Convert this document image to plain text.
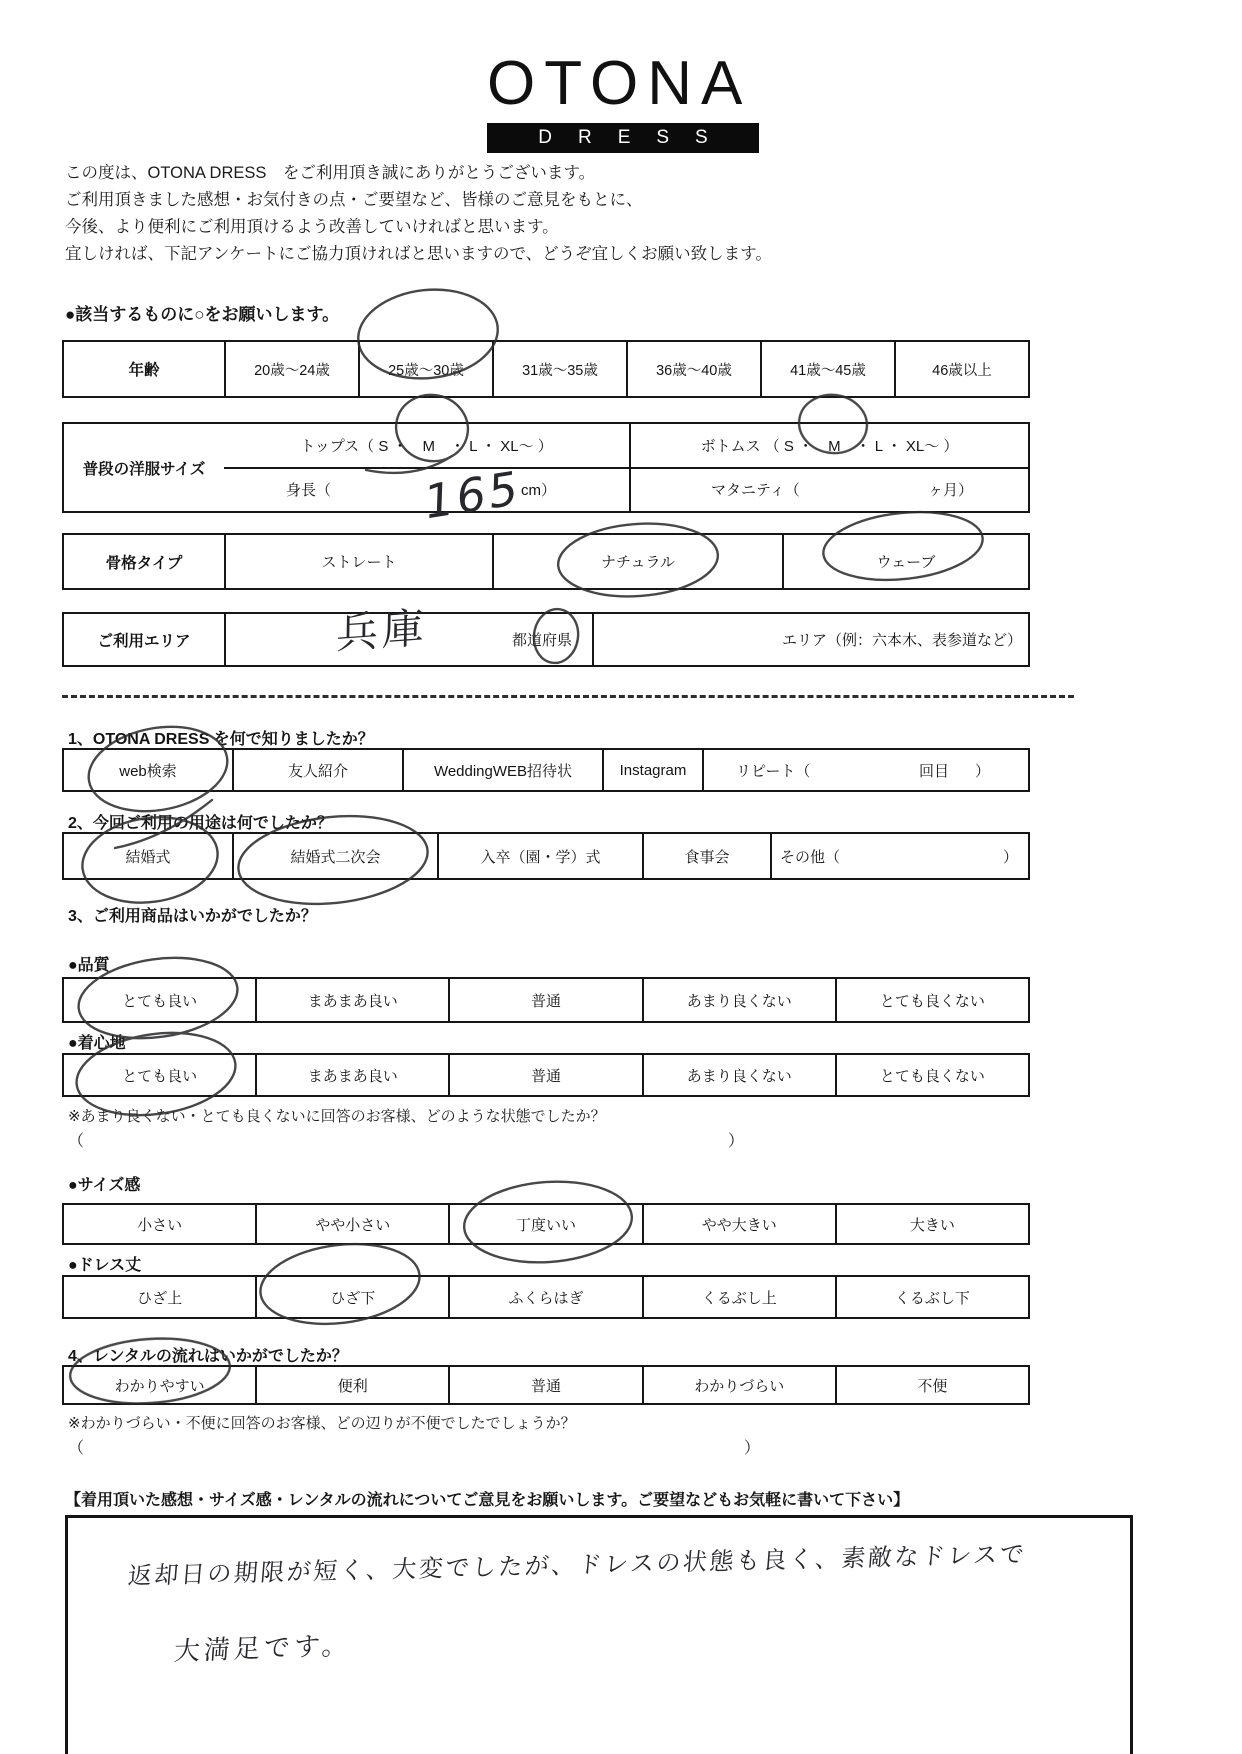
OTONA
DRESS
この度は、OTONA DRESS　をご利用頂き誠にありがとうございます。
ご利用頂きました感想・お気付きの点・ご要望など、皆様のご意見をもとに、
今後、より便利にご利用頂けるよう改善していければと思います。
宜しければ、下記アンケートにご協力頂ければと思いますので、どうぞ宜しくお願い致します。
●該当するものに○をお願いします。
年齢	20歳〜24歳	25歳〜30歳	31歳〜35歳	36歳〜40歳	41歳〜45歳	46歳以上
普段の洋服サイズ
トップス（ S ・　M　・ L ・ XL〜 ）	ボトムス （ S ・　M　・ L ・ XL〜 ）
身長（	cm）	マタニティ（	ヶ月）
骨格タイプ	ストレート	ナチュラル	ウェーブ
ご利用エリア	都道府県	エリア（例：六本木、表参道など）
1、OTONA DRESS を何で知りましたか？
web検索	友人紹介	WeddingWEB招待状	Instagram	リピート（	回目 ）
2、今回ご利用の用途は何でしたか？
結婚式	結婚式二次会	入卒（園・学）式	食事会	その他（	）
3、ご利用商品はいかがでしたか？
●品質
とても良い	まあまあ良い	普通	あまり良くない	とても良くない
●着心地
とても良い	まあまあ良い	普通	あまり良くない	とても良くない
※あまり良くない・とても良くないに回答のお客様、どのような状態でしたか？
（	）
●サイズ感
小さい	やや小さい	丁度いい	やや大きい	大きい
●ドレス丈
ひざ上	ひざ下	ふくらはぎ	くるぶし上	くるぶし下
4、レンタルの流れはいかがでしたか？
わかりやすい	便利	普通	わかりづらい	不便
※わかりづらい・不便に回答のお客様、どの辺りが不便でしたでしょうか？
（	）
【着用頂いた感想・サイズ感・レンタルの流れについてご意見をお願いします。ご要望などもお気軽に書いて下さい】
165
兵庫
返却日の期限が短く、大変でしたが、ドレスの状態も良く、素敵なドレスで
大満足です。
